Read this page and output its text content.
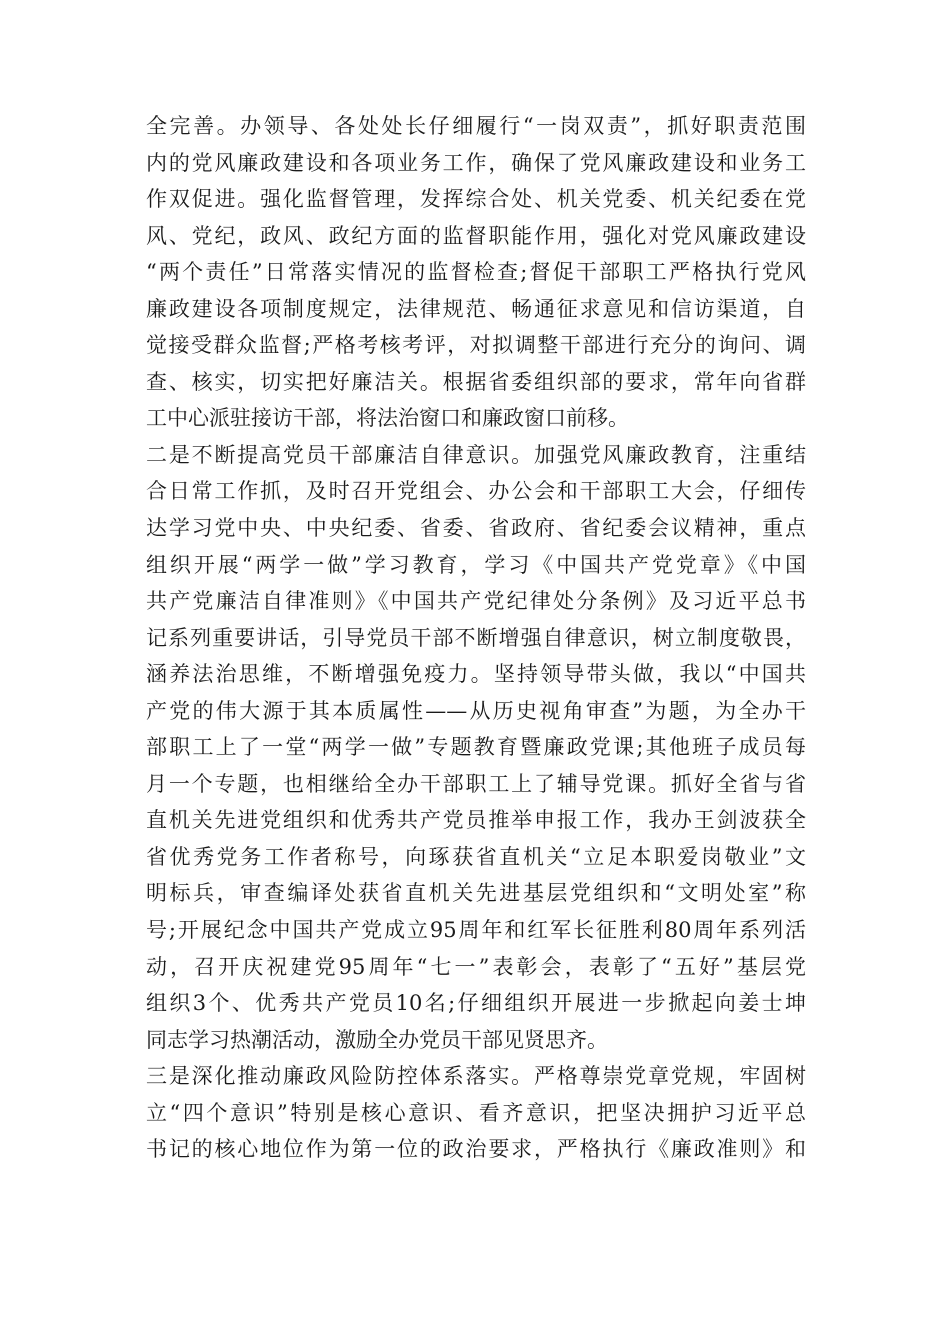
全完善。办领导、各处处长仔细履行“一岗双责”，抓好职责范围
内的党风廉政建设和各项业务工作，确保了党风廉政建设和业务工
作双促进。强化监督管理，发挥综合处、机关党委、机关纪委在党
风、党纪，政风、政纪方面的监督职能作用，强化对党风廉政建设
“两个责任”日常落实情况的监督检查;督促干部职工严格执行党风
廉政建设各项制度规定，法律规范、畅通征求意见和信访渠道，自
觉接受群众监督;严格考核考评，对拟调整干部进行充分的询问、调
查、核实，切实把好廉洁关。根据省委组织部的要求，常年向省群
工中心派驻接访干部，将法治窗口和廉政窗口前移。
二是不断提高党员干部廉洁自律意识。加强党风廉政教育，注重结
合日常工作抓，及时召开党组会、办公会和干部职工大会，仔细传
达学习党中央、中央纪委、省委、省政府、省纪委会议精神，重点
组织开展“两学一做”学习教育，学习《中国共产党党章》《中国
共产党廉洁自律准则》《中国共产党纪律处分条例》及习近平总书
记系列重要讲话，引导党员干部不断增强自律意识，树立制度敬畏，
涵养法治思维，不断增强免疫力。坚持领导带头做，我以“中国共
产党的伟大源于其本质属性——从历史视角审查”为题，为全办干
部职工上了一堂“两学一做”专题教育暨廉政党课;其他班子成员每
月一个专题，也相继给全办干部职工上了辅导党课。抓好全省与省
直机关先进党组织和优秀共产党员推举申报工作，我办王剑波获全
省优秀党务工作者称号，向琢获省直机关“立足本职爱岗敬业”文
明标兵，审查编译处获省直机关先进基层党组织和“文明处室”称
号;开展纪念中国共产党成立95周年和红军长征胜利80周年系列活
动，召开庆祝建党95周年“七一”表彰会，表彰了“五好”基层党
组织3个、优秀共产党员10名;仔细组织开展进一步掀起向姜士坤
同志学习热潮活动，激励全办党员干部见贤思齐。
三是深化推动廉政风险防控体系落实。严格尊崇党章党规，牢固树
立“四个意识”特别是核心意识、看齐意识，把坚决拥护习近平总
书记的核心地位作为第一位的政治要求，严格执行《廉政准则》和
